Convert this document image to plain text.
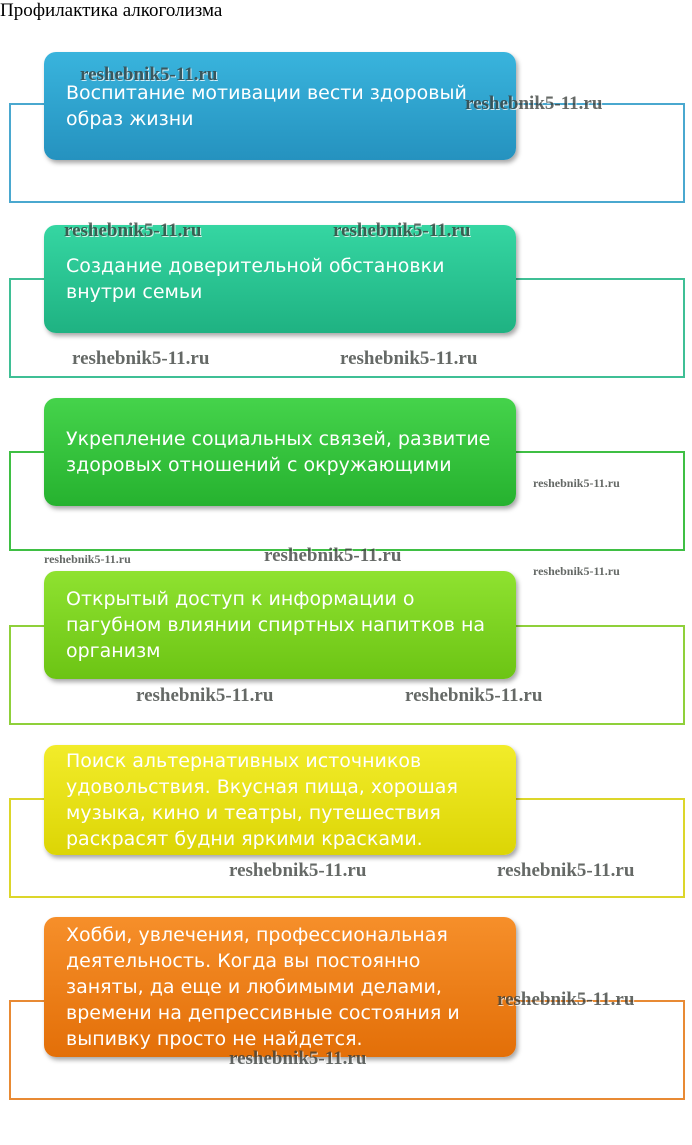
Профилактика алкоголизма
Воспитание мотивации вести здоровый образ жизни
Создание доверительной обстановки внутри семьи
Укрепление социальных связей, развитие здоровых отношений с окружающими
Открытый доступ к информации о пагубном влиянии спиртных напитков на организм
Поиск альтернативных источников удовольствия. Вкусная пища, хорошая музыка, кино и театры, путешествия раскрасят будни яркими красками.
Хобби, увлечения, профессиональная деятельность. Когда вы постоянно заняты, да еще и любимыми делами, времени на депрессивные состояния и выпивку просто не найдется.
reshebnik5-11.ru
reshebnik5-11.ru
reshebnik5-11.ru	reshebnik5-11.ru
reshebnik5-11.ru	reshebnik5-11.ru
reshebnik5-11.ru
reshebnik5-11.ru	reshebnik5-11.ru
reshebnik5-11.ru
reshebnik5-11.ru	reshebnik5-11.ru
reshebnik5-11.ru	reshebnik5-11.ru
reshebnik5-11.ru
reshebnik5-11.ru
